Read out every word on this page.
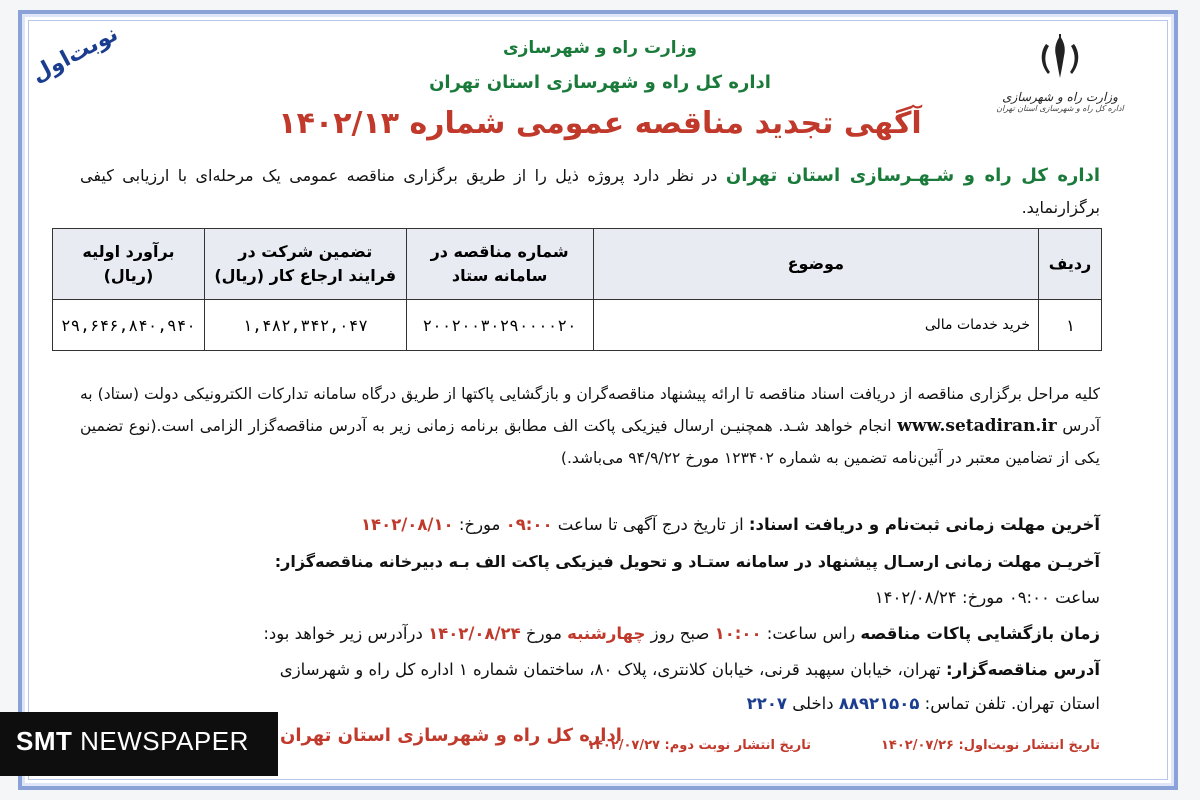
وزارت راه و شهرسازی
اداره کل راه و شهرسازی استان تهران
نوبت‌اول	وزارت راه و شهرسازی
اداره کل راه و شهرسازی استان تهران
آگهی تجدید مناقصه عمومی شماره ۱۴۰۲/۱۳
اداره کل راه و شـهـرسازی استان تهران در نظر دارد پروژه ذیل را از طریق برگزاری مناقصه عمومی یک مرحله‌ای با ارزیابی کیفی برگزارنماید.
ردیف	موضوع	شماره مناقصه در سامانه ستاد	تضمین شرکت در فرایند ارجاع کار (ریال)	برآورد اولیه (ریال)
۱	خرید خدمات مالی	۲۰۰۲۰۰۳۰۲۹۰۰۰۰۲۰	۱,۴۸۲,۳۴۲,۰۴۷	۲۹,۶۴۶,۸۴۰,۹۴۰
کلیه مراحل برگزاری مناقصه از دریافت اسناد مناقصه تا ارائه پیشنهاد مناقصه‌گران و بازگشایی پاکتها از طریق درگاه سامانه تدارکات الکترونیکی دولت (ستاد) به آدرس www.setadiran.ir انجام خواهد شـد. همچنیـن ارسال فیزیکی پاکت الف مطابق برنامه زمانی زیر به آدرس مناقصه‌گزار الزامی است.(نوع تضمین یکی از تضامین معتبر در آئین‌نامه تضمین به شماره ۱۲۳۴۰۲ مورخ ۹۴/۹/۲۲ می‌باشد.)
آخرین مهلت زمانی ثبت‌نام و دریافت اسناد: از تاریخ درج آگهی تا ساعت ۰۹:۰۰ مورخ: ۱۴۰۲/۰۸/۱۰
آخریـن مهلت زمانی ارسـال پیشنهاد در سامانه ستـاد و تحویل فیزیکی پاکت الف بـه دبیرخانه مناقصه‌گزار:
ساعت ۰۹:۰۰ مورخ: ۱۴۰۲/۰۸/۲۴
زمان بازگشایی پاکات مناقصه راس ساعت: ۱۰:۰۰ صبح روز چهارشنبه مورخ ۱۴۰۲/۰۸/۲۴ درآدرس زیر خواهد بود:
آدرس مناقصه‌گزار: تهران، خیابان سپهبد قرنی، خیابان کلانتری، پلاک ۸۰، ساختمان شماره ۱ اداره کل راه و شهرسازی
استان تهران. تلفن تماس: ۸۸۹۲۱۵۰۵ داخلی ۲۲۰۷
تاریخ انتشار نوبت‌اول: ۱۴۰۲/۰۷/۲۶تاریخ انتشار نوبت دوم: ۱۴۰۲/۰۷/۲۷
اداره کل راه و شهرسازی استان تهران
SMT NEWSPAPER
